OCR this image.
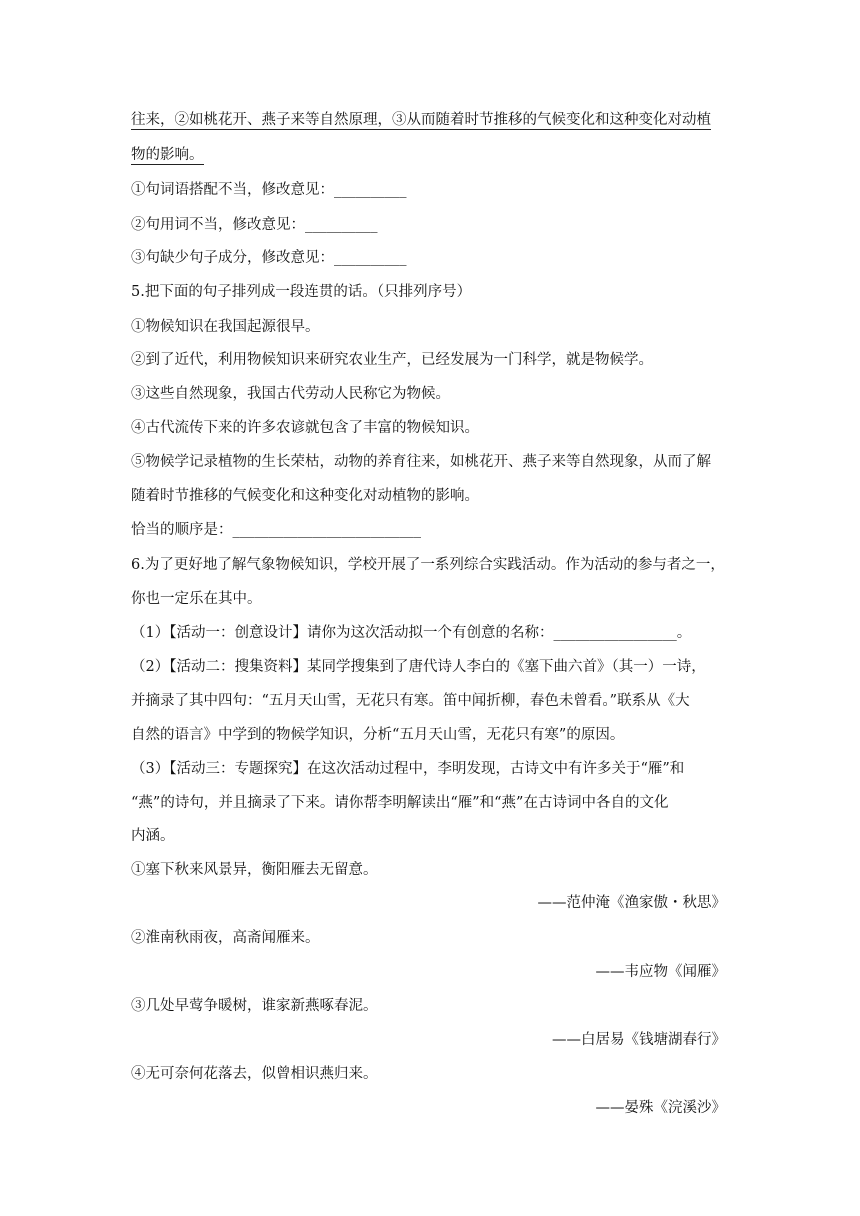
往来，②如桃花开、燕子来等自然原理，③从而随着时节推移的气候变化和这种变化对动植
物的影响。
①句词语搭配不当，修改意见：__________
②句用词不当，修改意见：__________
③句缺少句子成分，修改意见：__________
5.把下面的句子排列成一段连贯的话。（只排列序号）
①物候知识在我国起源很早。
②到了近代，利用物候知识来研究农业生产，已经发展为一门科学，就是物候学。
③这些自然现象，我国古代劳动人民称它为物候。
④古代流传下来的许多农谚就包含了丰富的物候知识。
⑤物候学记录植物的生长荣枯，动物的养育往来，如桃花开、燕子来等自然现象，从而了解
随着时节推移的气候变化和这种变化对动植物的影响。
恰当的顺序是：__________________________
6.为了更好地了解气象物候知识，学校开展了一系列综合实践活动。作为活动的参与者之一，
你也一定乐在其中。
（1）【活动一：创意设计】请你为这次活动拟一个有创意的名称：_________________。
（2）【活动二：搜集资料】某同学搜集到了唐代诗人李白的《塞下曲六首》（其一）一诗，
并摘录了其中四句：“五月天山雪，无花只有寒。笛中闻折柳，春色未曾看。”联系从《大
自然的语言》中学到的物候学知识，分析“五月天山雪，无花只有寒”的原因。
（3）【活动三：专题探究】在这次活动过程中，李明发现，古诗文中有许多关于“雁”和
“燕”的诗句，并且摘录了下来。请你帮李明解读出“雁”和“燕”在古诗词中各自的文化
内涵。
①塞下秋来风景异，衡阳雁去无留意。
——范仲淹《渔家傲・秋思》
②淮南秋雨夜，高斋闻雁来。
——韦应物《闻雁》
③几处早莺争暖树，谁家新燕啄春泥。
——白居易《钱塘湖春行》
④无可奈何花落去，似曾相识燕归来。
——晏殊《浣溪沙》
